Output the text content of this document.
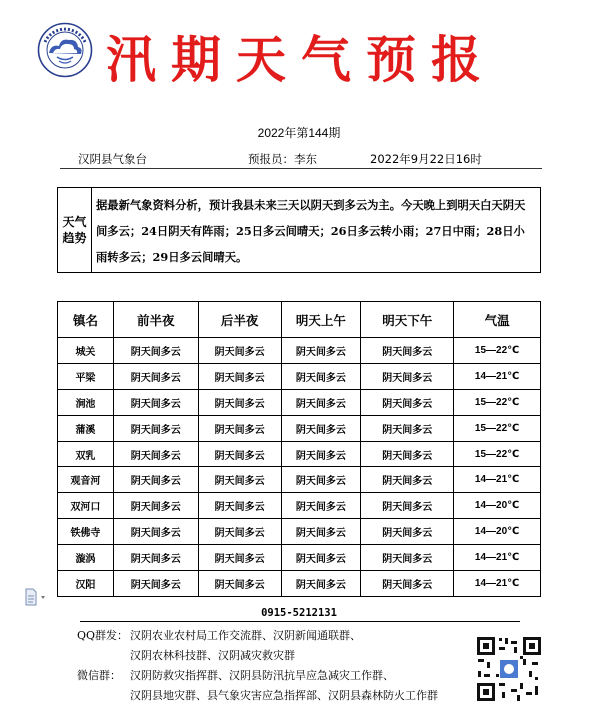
汛期天气预报
2022年第144期
汉阴县气象台	预报员：李东	2022年9月22日16时
天气趋势
据最新气象资料分析，预计我县未来三天以阴天到多云为主。今天晚上到明天白天阴天间多云；24日阴天有阵雨；25日多云间晴天；26日多云转小雨；27日中雨；28日小雨转多云；29日多云间晴天。
镇名	前半夜	后半夜	明天上午	明天下午	气温
城关	阴天间多云	阴天间多云	阴天间多云	阴天间多云	15—22℃
平梁	阴天间多云	阴天间多云	阴天间多云	阴天间多云	14—21℃
涧池	阴天间多云	阴天间多云	阴天间多云	阴天间多云	15—22℃
蒲溪	阴天间多云	阴天间多云	阴天间多云	阴天间多云	15—22℃
双乳	阴天间多云	阴天间多云	阴天间多云	阴天间多云	15—22℃
观音河	阴天间多云	阴天间多云	阴天间多云	阴天间多云	14—21℃
双河口	阴天间多云	阴天间多云	阴天间多云	阴天间多云	14—20℃
铁佛寺	阴天间多云	阴天间多云	阴天间多云	阴天间多云	14—20℃
漩涡	阴天间多云	阴天间多云	阴天间多云	阴天间多云	14—21℃
汉阳	阴天间多云	阴天间多云	阴天间多云	阴天间多云	14—21℃
0915-5212131
QQ群发： 汉阴农业农村局工作交流群、汉阴新闻通联群、
汉阴农林科技群、汉阴减灾救灾群
微信群： 汉阴防救灾指挥群、汉阴县防汛抗旱应急减灾工作群、
汉阴县地灾群、县气象灾害应急指挥部、汉阴县森林防火工作群
